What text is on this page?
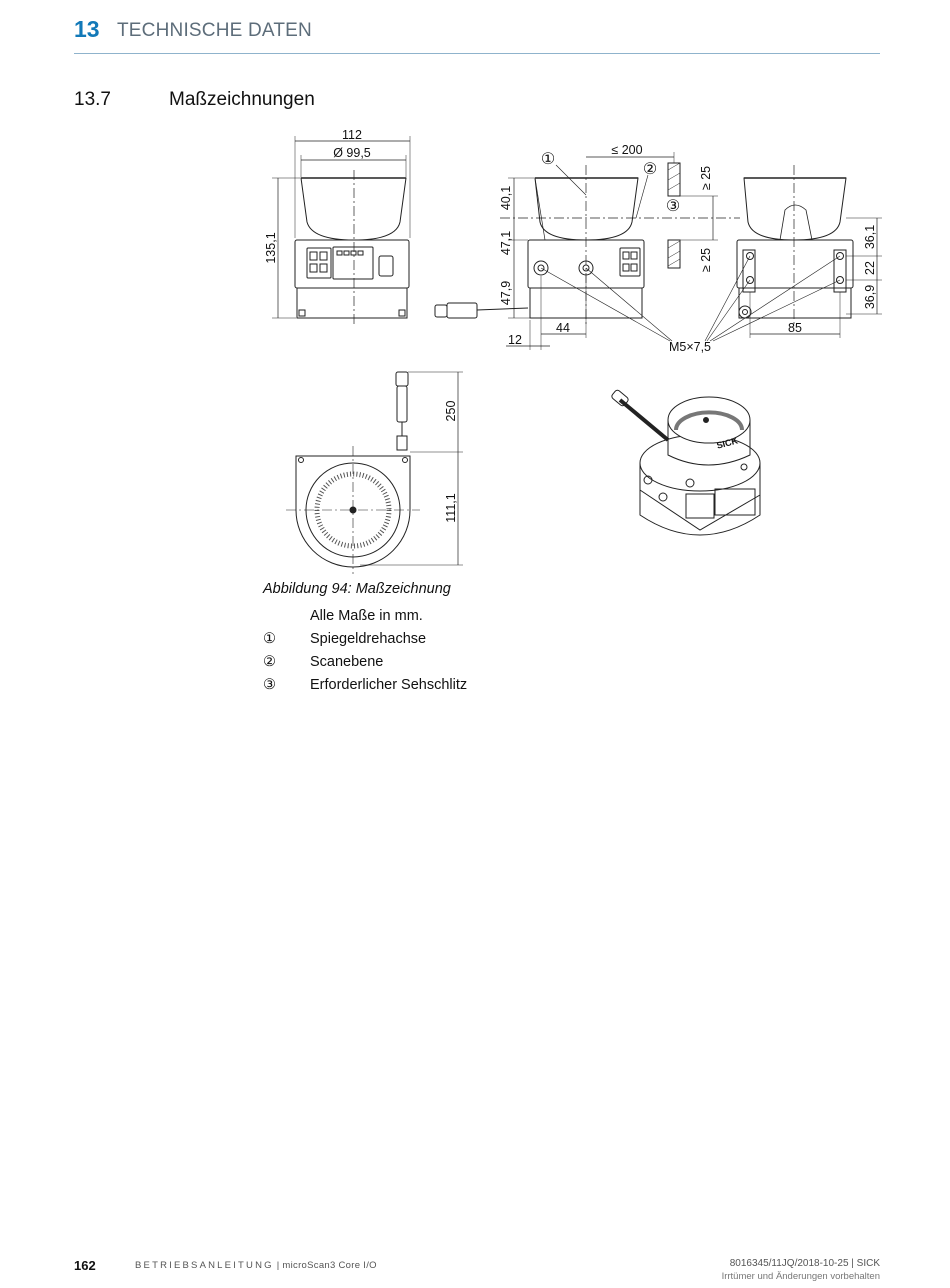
13 TECHNISCHE DATEN
13.7	Maßzeichnungen
112
Ø 99,5
135,1
40,1
47,1
47,9
12
44
≤ 200
≥ 25
≥ 25
M5×7,5
36,1
22
36,9
85
250
111,1
①
②
③
SICK
Abbildung 94: Maßzeichnung
Alle Maße in mm.
①	Spiegeldrehachse
②	Scanebene
③	Erforderlicher Sehschlitz
162	BETRIEBSANLEITUNG | microScan3 Core I/O	8016345/11JQ/2018-10-25 | SICK
Irrtümer und Änderungen vorbehalten
